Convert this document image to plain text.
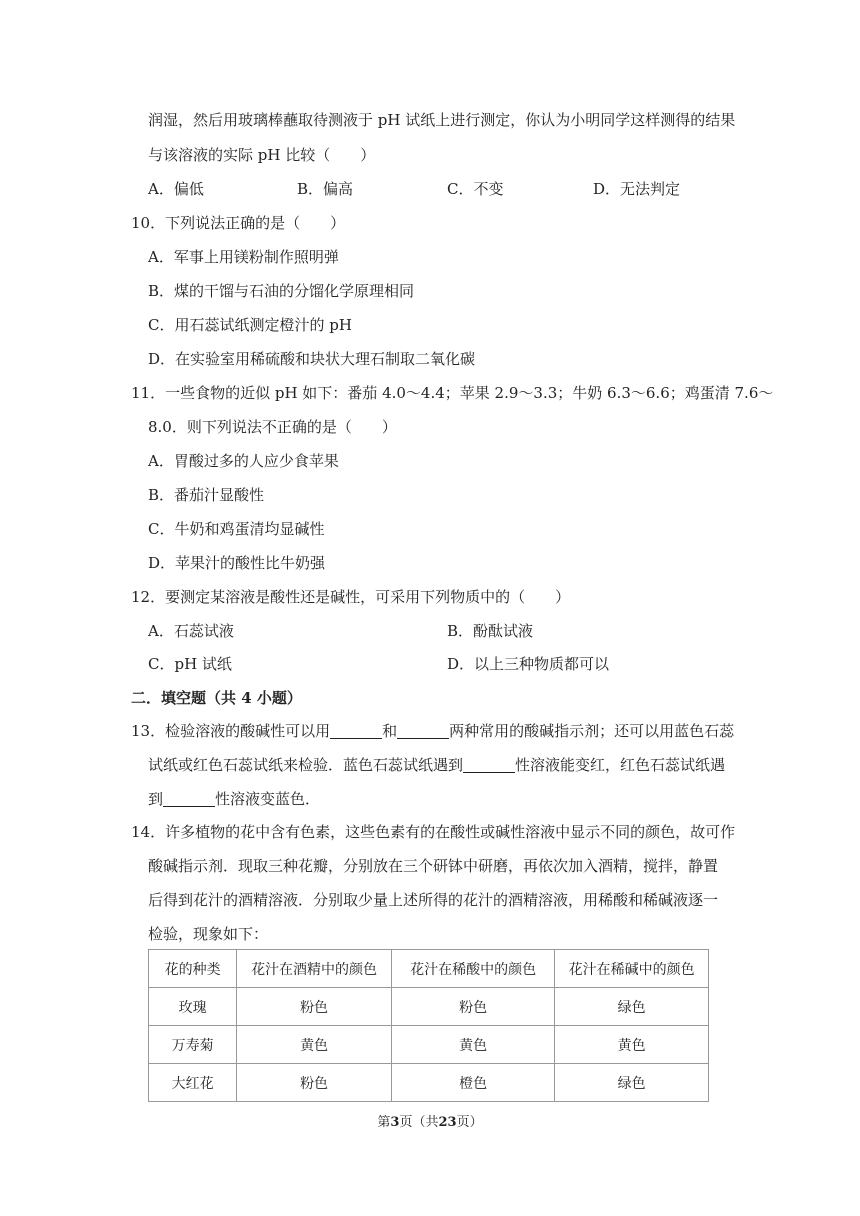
润湿，然后用玻璃棒蘸取待测液于 pH 试纸上进行测定，你认为小明同学这样测得的结果
与该溶液的实际 pH 比较（　　）
A．偏低	B．偏高	C．不变	D．无法判定
10．下列说法正确的是（　　）
A．军事上用镁粉制作照明弹
B．煤的干馏与石油的分馏化学原理相同
C．用石蕊试纸测定橙汁的 pH
D．在实验室用稀硫酸和块状大理石制取二氧化碳
11．一些食物的近似 pH 如下：番茄 4.0～4.4；苹果 2.9～3.3；牛奶 6.3～6.6；鸡蛋清 7.6～
8.0．则下列说法不正确的是（　　）
A．胃酸过多的人应少食苹果
B．番茄汁显酸性
C．牛奶和鸡蛋清均显碱性
D．苹果汁的酸性比牛奶强
12．要测定某溶液是酸性还是碱性，可采用下列物质中的（　　）
A．石蕊试液	B．酚酞试液
C．pH 试纸	D．以上三种物质都可以
二．填空题（共 4 小题）
13．检验溶液的酸碱性可以用	和	两种常用的酸碱指示剂；还可以用蓝色石蕊
试纸或红色石蕊试纸来检验．蓝色石蕊试纸遇到	性溶液能变红，红色石蕊试纸遇
到	性溶液变蓝色．
14．许多植物的花中含有色素，这些色素有的在酸性或碱性溶液中显示不同的颜色，故可作
酸碱指示剂．现取三种花瓣，分别放在三个研钵中研磨，再依次加入酒精，搅拌，静置
后得到花汁的酒精溶液．分别取少量上述所得的花汁的酒精溶液，用稀酸和稀碱液逐一
检验，现象如下：
花的种类	花汁在酒精中的颜色	花汁在稀酸中的颜色	花汁在稀碱中的颜色
玫瑰	粉色	粉色	绿色
万寿菊	黄色	黄色	黄色
大红花	粉色	橙色	绿色
第3页（共23页）
